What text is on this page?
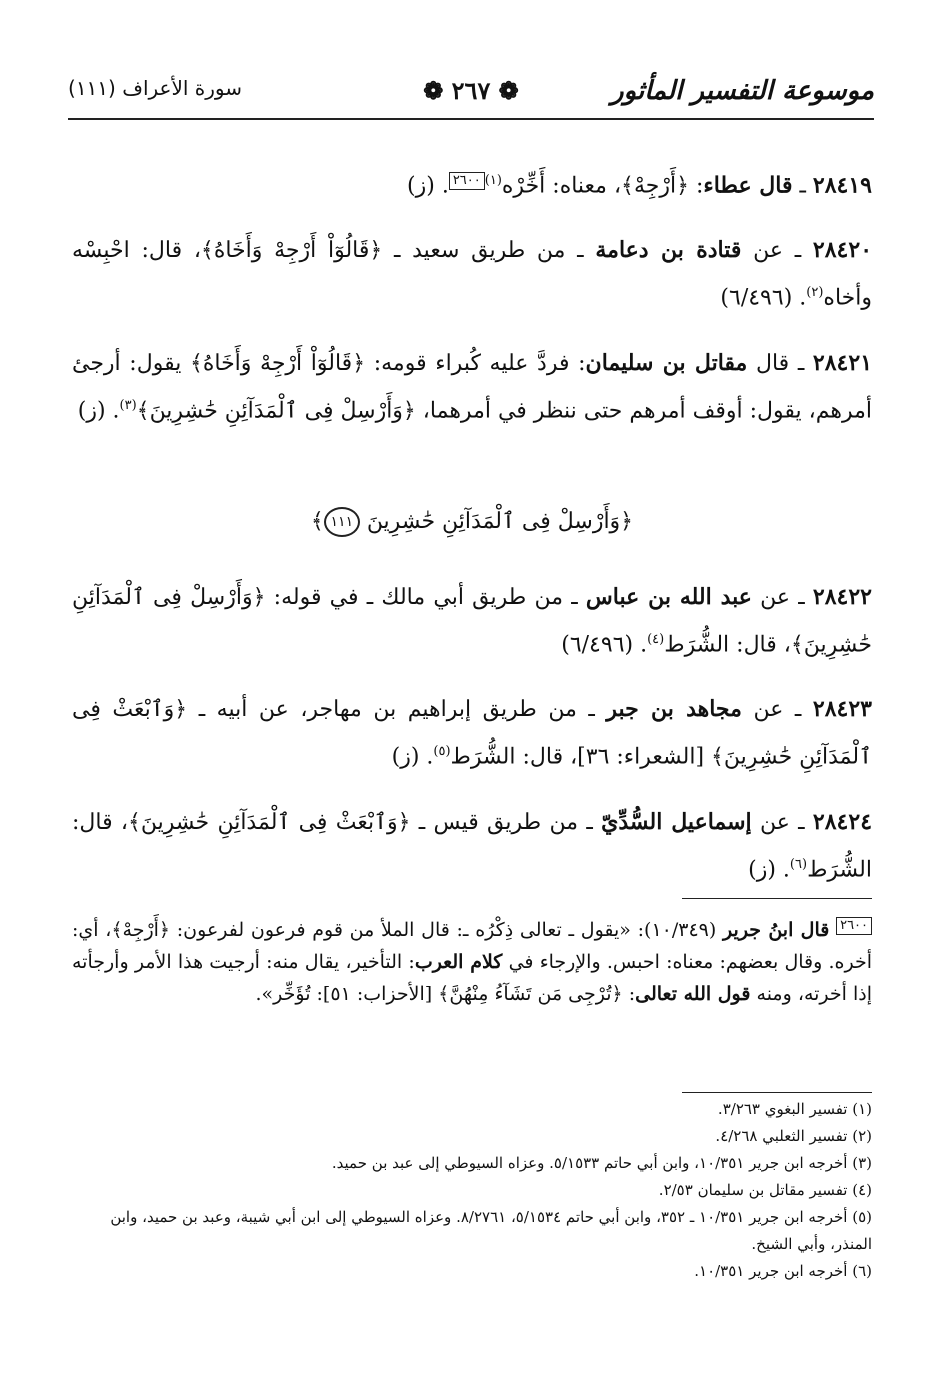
موسوعة التفسير المأثور
❁ ٢٦٧ ❁
سورة الأعراف (١١١)

٢٨٤١٩ ـ قال عطاء: ﴿أَرْجِهْ﴾، معناه: أَخِّرْه$^{(١)}$٢٦٠٠. (ز)

٢٨٤٢٠ ـ عن قتادة بن دعامة ـ من طريق سعيد ـ ﴿قَالُوٓاْ أَرْجِهْ وَأَخَاهُ﴾، قال: احْبِسْه وأخاه$^{(٢)}$. (٦/٤٩٦)

٢٨٤٢١ ـ قال مقاتل بن سليمان: فردَّ عليه كُبراء قومه: ﴿قَالُوٓاْ أَرْجِهْ وَأَخَاهُ﴾ يقول: أرجئ أمرهم، يقول: أوقف أمرهم حتى ننظر في أمرهما، ﴿وَأَرْسِلْ فِى ٱلْمَدَآئِنِ حَٰشِرِينَ﴾$^{(٣)}$. (ز)

﴿وَأَرْسِلْ فِى ٱلْمَدَآئِنِ حَٰشِرِينَ ١١١﴾

٢٨٤٢٢ ـ عن عبد الله بن عباس ـ من طريق أبي مالك ـ في قوله: ﴿وَأَرْسِلْ فِى ٱلْمَدَآئِنِ حَٰشِرِينَ﴾، قال: الشُّرَط$^{(٤)}$. (٦/٤٩٦)

٢٨٤٢٣ ـ عن مجاهد بن جبر ـ من طريق إبراهيم بن مهاجر، عن أبيه ـ ﴿وَٱبْعَثْ فِى ٱلْمَدَآئِنِ حَٰشِرِينَ﴾ [الشعراء: ٣٦]، قال: الشُّرَط$^{(٥)}$. (ز)

٢٨٤٢٤ ـ عن إسماعيل السُّدِّيّ ـ من طريق قيس ـ ﴿وَٱبْعَثْ فِى ٱلْمَدَآئِنِ حَٰشِرِينَ﴾، قال: الشُّرَط$^{(٦)}$. (ز)

٢٦٠٠ قال ابنُ جرير (١٠/٣٤٩): «يقول ـ تعالى ذِكْرُه ـ: قال الملأ من قوم فرعون لفرعون: ﴿أَرْجِهْ﴾، أي: أخره. وقال بعضهم: معناه: احبس. والإرجاء في كلام العرب: التأخير، يقال منه: أرجيت هذا الأمر وأرجأته إذا أخرته، ومنه قول الله تعالى: ﴿تُرْجِى مَن تَشَآءُ مِنْهُنَّ﴾ [الأحزاب: ٥١]: تُؤَخِّر».

(١) تفسير البغوي ٣/٢٦٣.

(٢) تفسير الثعلبي ٤/٢٦٨.

(٣) أخرجه ابن جرير ١٠/٣٥١، وابن أبي حاتم ٥/١٥٣٣. وعزاه السيوطي إلى عبد بن حميد.

(٤) تفسير مقاتل بن سليمان ٢/٥٣.

(٥) أخرجه ابن جرير ١٠/٣٥١ ـ ٣٥٢، وابن أبي حاتم ٥/١٥٣٤، ٨/٢٧٦١. وعزاه السيوطي إلى ابن أبي شيبة، وعبد بن حميد، وابن المنذر، وأبي الشيخ.

(٦) أخرجه ابن جرير ١٠/٣٥١.
